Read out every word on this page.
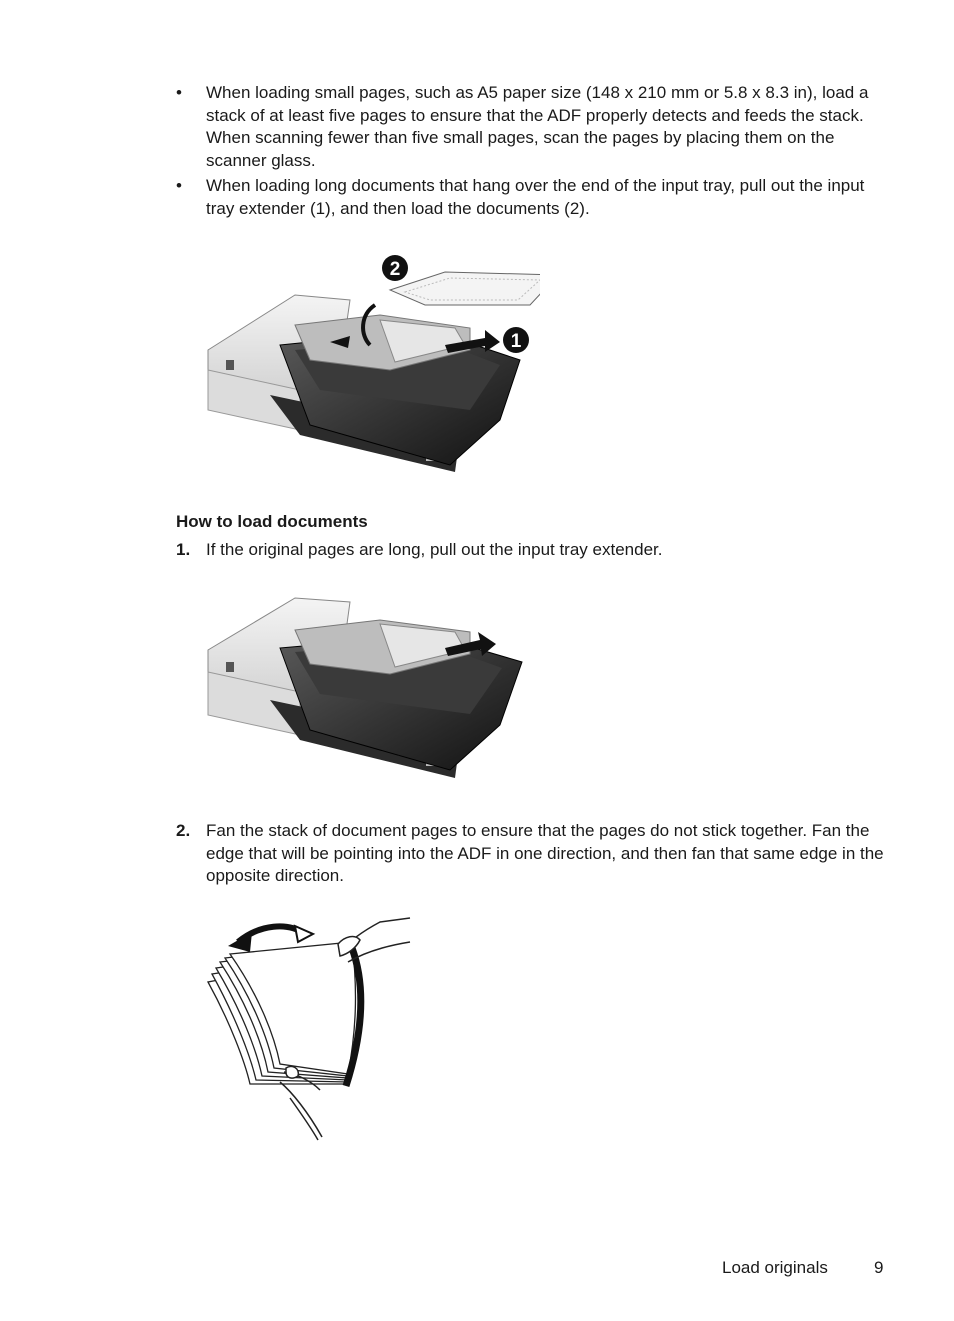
•	When loading small pages, such as A5 paper size (148 x 210 mm or 5.8 x 8.3 in), load a stack of at least five pages to ensure that the ADF properly detects and feeds the stack. When scanning fewer than five small pages, scan the pages by placing them on the scanner glass.
•	When loading long documents that hang over the end of the input tray, pull out the input tray extender (1), and then load the documents (2).
2
1
How to load documents
1. If the original pages are long, pull out the input tray extender.
2. Fan the stack of document pages to ensure that the pages do not stick together. Fan the edge that will be pointing into the ADF in one direction, and then fan that same edge in the opposite direction.
Load originals	9
